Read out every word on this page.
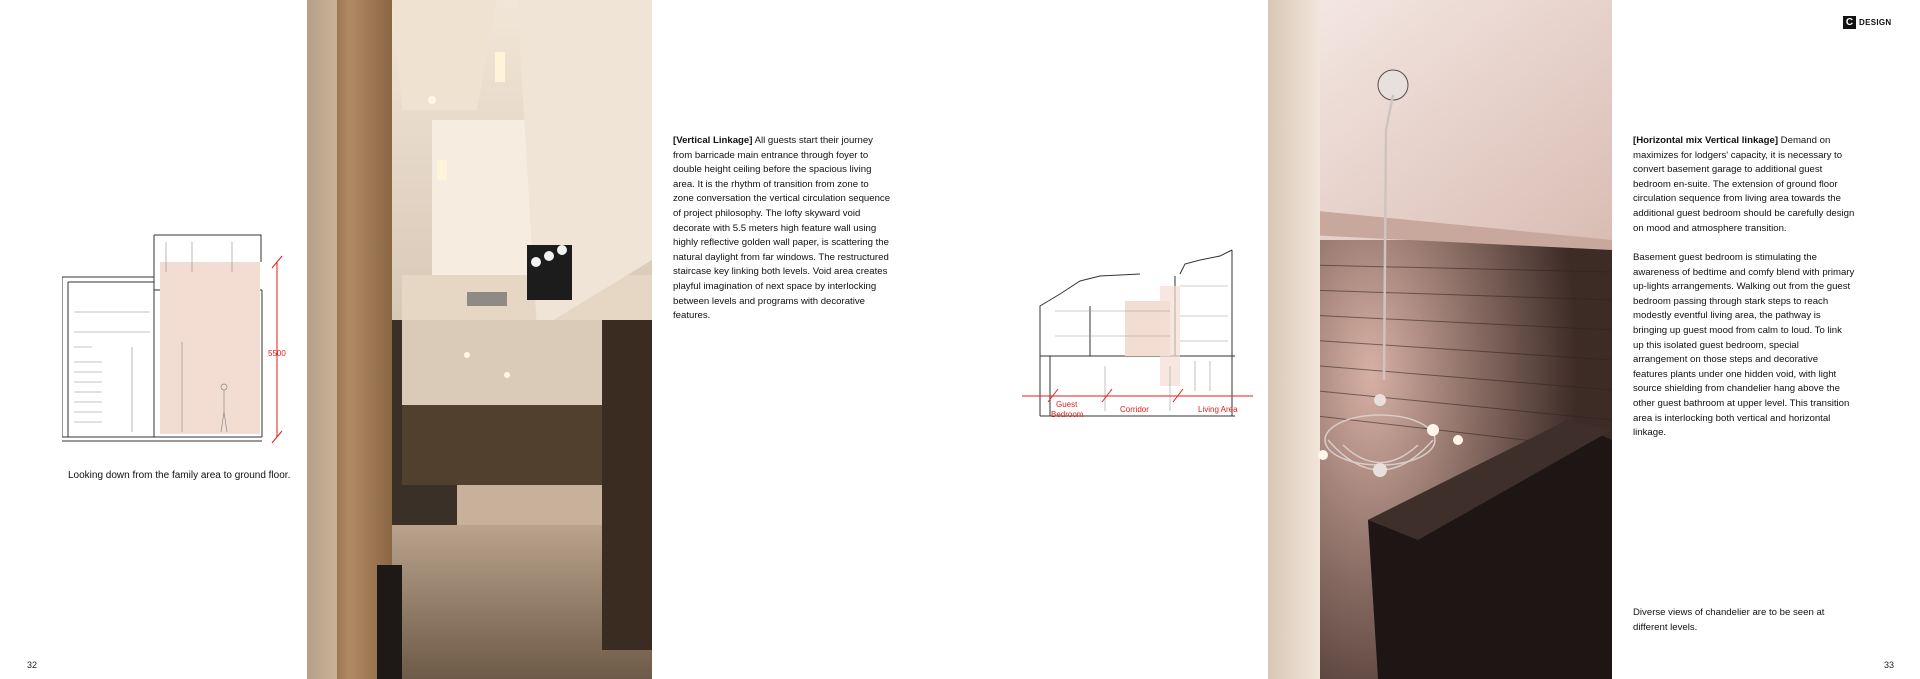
5500
Looking down from the family area to ground floor.
[Vertical Linkage] All guests start their journey from barricade main entrance through foyer to double height ceiling before the spacious living area. It is the rhythm of transition from zone to zone conversation the vertical circulation sequence of project philosophy. The lofty skyward void decorate with 5.5 meters high feature wall using highly reflective golden wall paper, is scattering the natural daylight from far windows. The restructured staircase key linking both levels. Void area creates playful imagination of next space by interlocking between levels and programs with decorative features.
32
Guest
Bedroom
Corridor	Living Area
C DESIGN
[Horizontal mix Vertical linkage] Demand on maximizes for lodgers' capacity, it is necessary to convert basement garage to additional guest bedroom en-suite. The extension of ground floor circulation sequence from living area towards the additional guest bedroom should be carefully design on mood and atmosphere transition.
Basement guest bedroom is stimulating the awareness of bedtime and comfy blend with primary up-lights arrangements. Walking out from the guest bedroom passing through stark steps to reach modestly eventful living area, the pathway is bringing up guest mood from calm to loud. To link up this isolated guest bedroom, special arrangement on those steps and decorative features plants under one hidden void, with light source shielding from chandelier hang above the other guest bathroom at upper level. This transition area is interlocking both vertical and horizontal linkage.
Diverse views of chandelier are to be seen at different levels.
33
